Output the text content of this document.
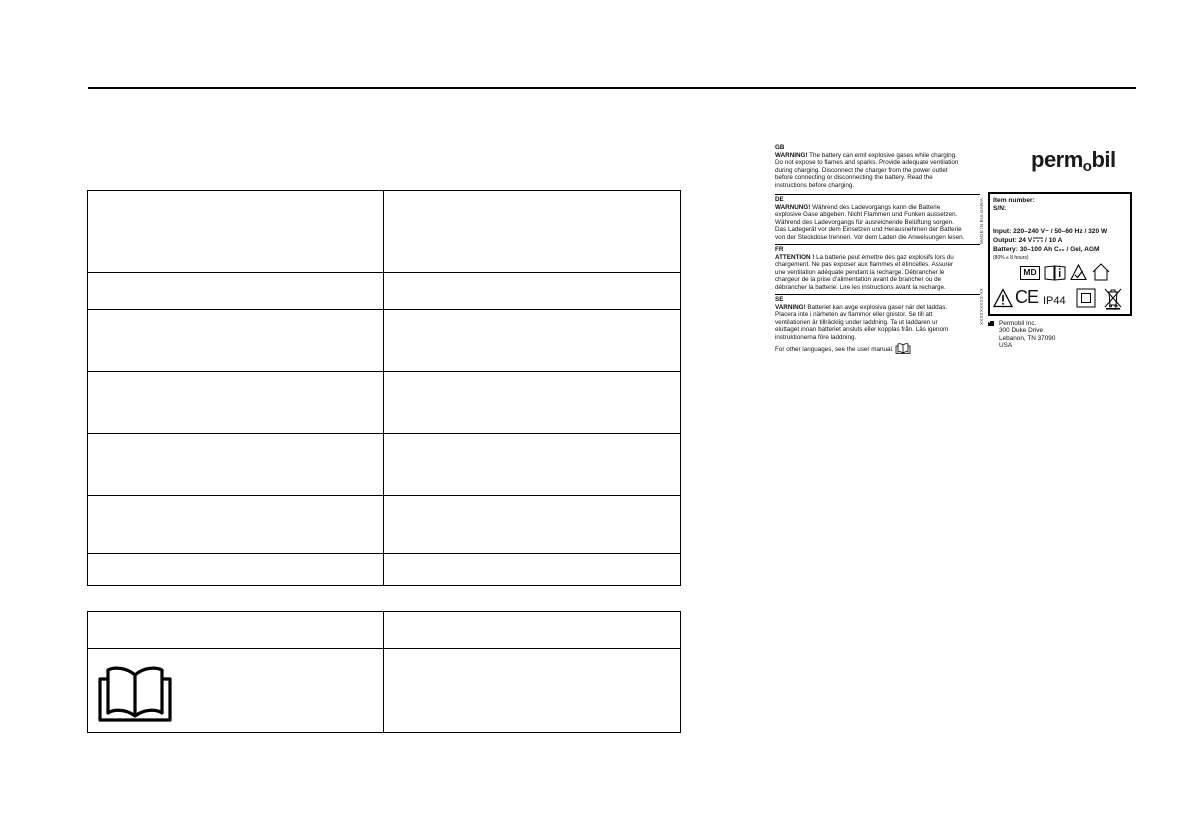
GB
WARNING! The battery can emit explosive gases while charging.
Do not expose to flames and sparks. Provide adequate ventilation
during charging. Disconnect the charger from the power outlet
before connecting or disconnecting the battery. Read the
instructions before charging.
DE
WARNUNG! Während des Ladevorgangs kann die Batterie
explosive Gase abgeben. Nicht Flammen und Funken aussetzen.
Während des Ladevorgangs für ausreichende Belüftung sorgen.
Das Ladegerät vor dem Einsetzen und Herausnehmen der Batterie
von der Steckdose trennen. Vor dem Laden die Anweisungen lesen.
FR
ATTENTION ! La batterie peut émettre des gaz explosifs lors du
chargement. Ne pas exposer aux flammes et étincelles. Assurer
une ventilation adéquate pendant la recharge. Débrancher le
chargeur de la prise d'alimentation avant de brancher ou de
débrancher la batterie. Lire les instructions avant la recharge.
SE
VARNING! Batteriet kan avge explosiva gaser när det laddas.
Placera inte i närheten av flammor eller gnistor. Se till att
ventilationen är tillräcklig under laddning. Ta ut laddaren ur
eluttaget innan batteriet ansluts eller kopplas från. Läs igenom
instruktionerna före laddning.
For other languages, see the user manual.
MADE IN BULGARIA
XXXXXXXXX-XX
permobil
Item number:
S/N:
Input: 220–240 V~ / 50–60 Hz / 320 W
Output: 24 V / 10 A
Battery: 30–100 Ah C₂₀ / Gel, AGM
(80% ≤ 8 hours)
MD
CE IP44
Permobil Inc.
300 Duke Drive
Lebanon, TN 37090
USA
